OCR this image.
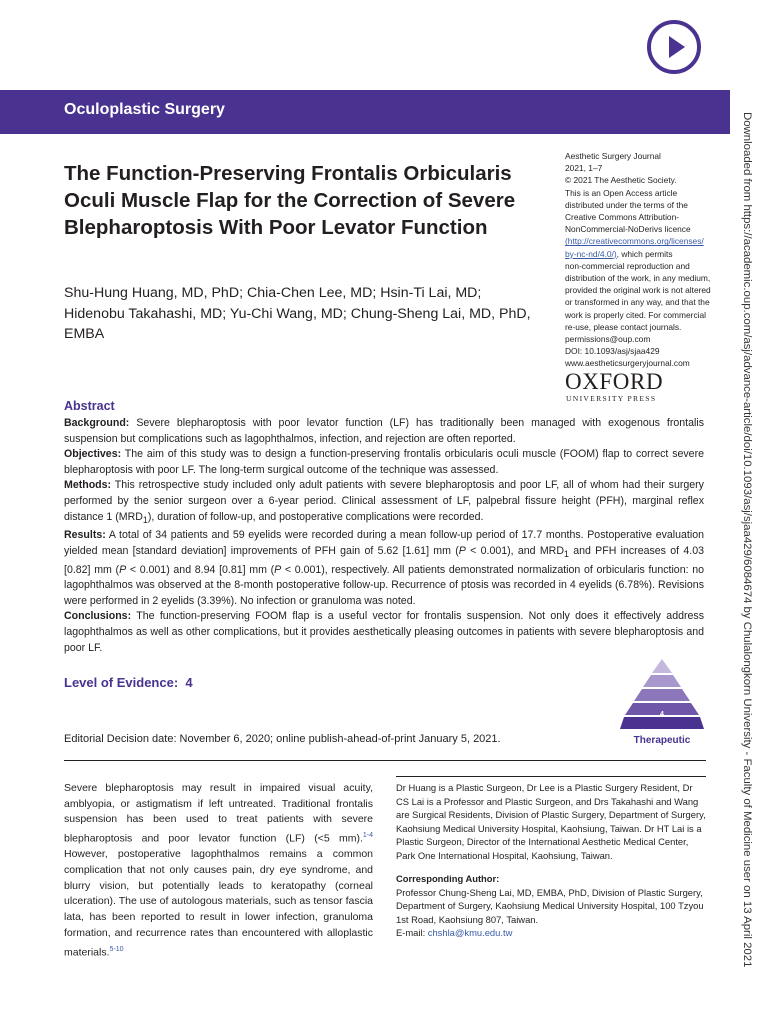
Oculoplastic Surgery
Downloaded from https://academic.oup.com/asj/advance-article/doi/10.1093/asj/sjaa429/6084674 by Chulalongkorn University - Faculty of Medicine user on 13 April 2021
The Function-Preserving Frontalis Orbicularis Oculi Muscle Flap for the Correction of Severe Blepharoptosis With Poor Levator Function

Shu-Hung Huang, MD, PhD; Chia-Chen Lee, MD; Hsin-Ti Lai, MD; Hidenobu Takahashi, MD; Yu-Chi Wang, MD; Chung-Sheng Lai, MD, PhD, EMBA

Aesthetic Surgery Journal
2021, 1–7
© 2021 The Aesthetic Society.
This is an Open Access article
distributed under the terms of the
Creative Commons Attribution-
NonCommercial-NoDerivs licence
(http://creativecommons.org/licenses/
by-nc-nd/4.0/), which permits
non-commercial reproduction and
distribution of the work, in any medium,
provided the original work is not altered
or transformed in any way, and that the
work is properly cited. For commercial
re-use, please contact journals.
permissions@oup.com
DOI: 10.1093/asj/sjaa429
www.aestheticsurgeryjournal.com
OXFORD
UNIVERSITY PRESS
Abstract

Background: Severe blepharoptosis with poor levator function (LF) has traditionally been managed with exogenous frontalis suspension but complications such as lagophthalmos, infection, and rejection are often reported.

Objectives: The aim of this study was to design a function-preserving frontalis orbicularis oculi muscle (FOOM) flap to correct severe blepharoptosis with poor LF. The long-term surgical outcome of the technique was assessed.

Methods: This retrospective study included only adult patients with severe blepharoptosis and poor LF, all of whom had their surgery performed by the senior surgeon over a 6-year period. Clinical assessment of LF, palpebral fissure height (PFH), marginal reflex distance 1 $(MRD_1)$, duration of follow-up, and postoperative complications were recorded.

Results: A total of 34 patients and 59 eyelids were recorded during a mean follow-up period of 17.7 months. Postoperative evaluation yielded mean [standard deviation] improvements of PFH gain of 5.62 [1.61] mm (P < 0.001), and $MRD_1$ and PFH increases of 4.03 [0.82] mm (P < 0.001) and 8.94 [0.81] mm (P < 0.001), respectively. All patients demonstrated normalization of orbicularis function: no lagophthalmos was observed at the 8-month postoperative follow-up. Recurrence of ptosis was recorded in 4 eyelids (6.78%). Revisions were performed in 2 eyelids (3.39%). No infection or granuloma was noted.

Conclusions: The function-preserving FOOM flap is a useful vector for frontalis suspension. Not only does it effectively address lagophthalmos as well as other complications, but it provides aesthetically pleasing outcomes in patients with severe blepharoptosis and poor LF.

Level of Evidence: 4
4
Therapeutic
Editorial Decision date: November 6, 2020; online publish-ahead-of-print January 5, 2021.

Severe blepharoptosis may result in impaired visual acuity, amblyopia, or astigmatism if left untreated. Traditional frontalis suspension has been used to treat patients with severe blepharoptosis and poor levator function (LF) (<5 mm).$^{1-4}$ However, postoperative lagophthalmos remains a common complication that not only causes pain, dry eye syndrome, and blurry vision, but potentially leads to keratopathy (corneal ulceration). The use of autologous materials, such as tensor fascia lata, has been reported to result in lower infection, granuloma formation, and recurrence rates than encountered with alloplastic materials.$^{5-10}$

Dr Huang is a Plastic Surgeon, Dr Lee is a Plastic Surgery Resident, Dr CS Lai is a Professor and Plastic Surgeon, and Drs Takahashi and Wang are Surgical Residents, Division of Plastic Surgery, Department of Surgery, Kaohsiung Medical University Hospital, Kaohsiung, Taiwan. Dr HT Lai is a Plastic Surgeon, Director of the International Aesthetic Medical Center, Park One International Hospital, Kaohsiung, Taiwan.

Corresponding Author:

Professor Chung-Sheng Lai, MD, EMBA, PhD, Division of Plastic Surgery, Department of Surgery, Kaohsiung Medical University Hospital, 100 Tzyou 1st Road, Kaohsiung 807, Taiwan.
E-mail: chshla@kmu.edu.tw
